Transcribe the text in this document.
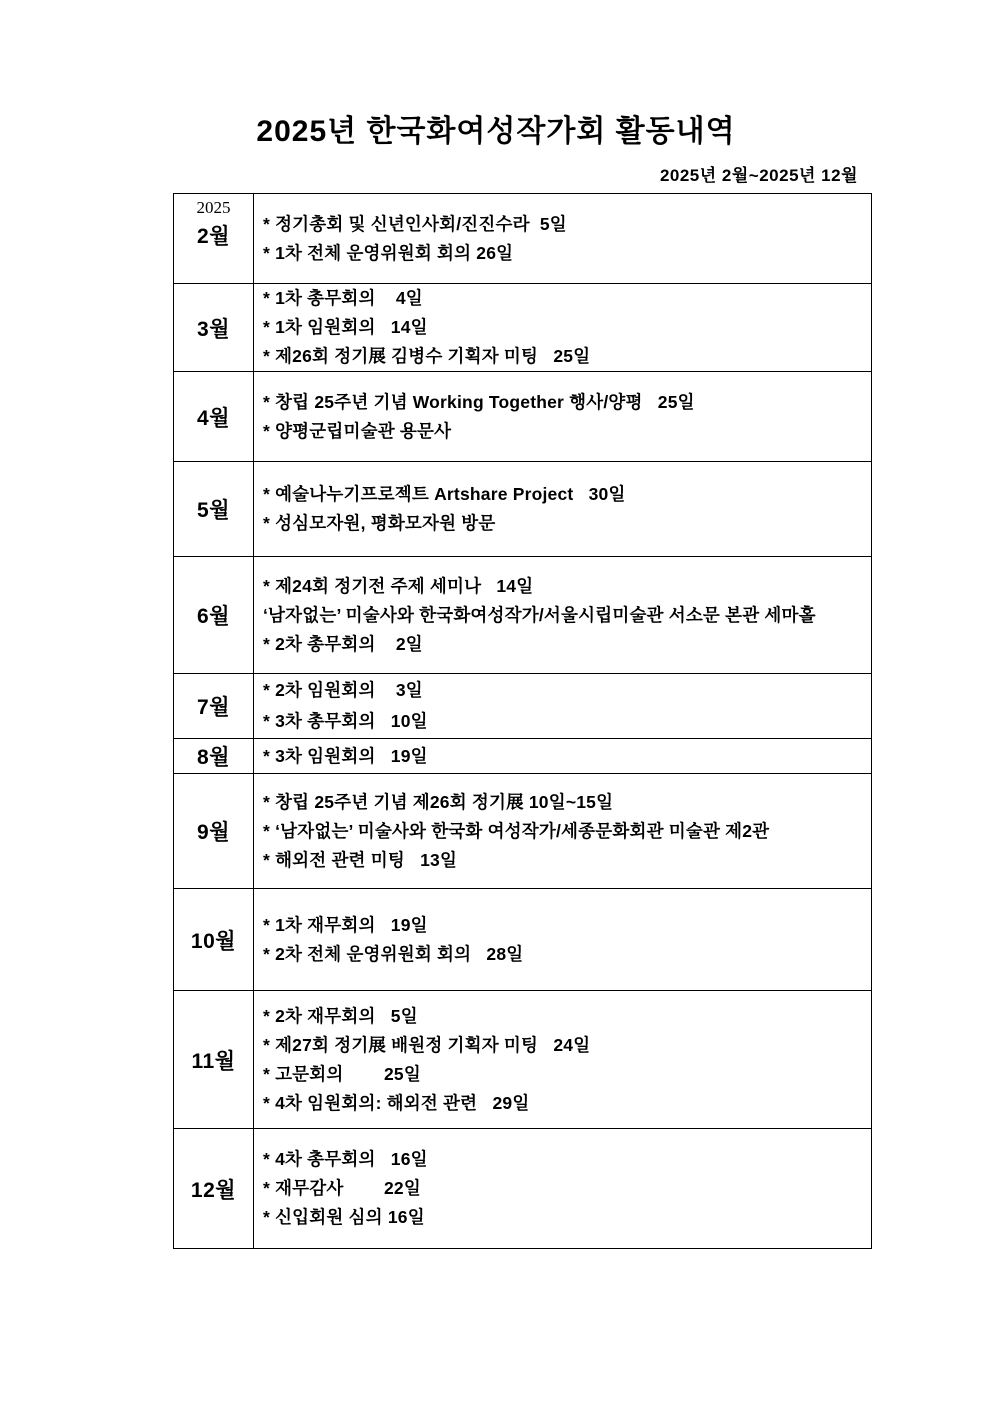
2025년 한국화여성작가회 활동내역
2025년 2월~2025년 12월
2025
2월
* 정기총회 및 신년인사회/진진수라  5일
* 1차 전체 운영위원회 회의 26일
3월
* 1차 총무회의    4일
* 1차 임원회의   14일
* 제26회 정기展 김병수 기획자 미팅   25일
4월
* 창립 25주년 기념 Working Together 행사/양평   25일
* 양평군립미술관 용문사
5월
* 예술나누기프로젝트 Artshare Project   30일
* 성심모자원, 평화모자원 방문
6월
* 제24회 정기전 주제 세미나   14일
‘남자없는’ 미술사와 한국화여성작가/서울시립미술관 서소문 본관 세마홀
* 2차 총무회의    2일
7월
* 2차 임원회의    3일
* 3차 총무회의   10일
8월 * 3차 임원회의   19일
9월
* 창립 25주년 기념 제26회 정기展 10일~15일
* ‘남자없는’ 미술사와 한국화 여성작가/세종문화회관 미술관 제2관
* 해외전 관련 미팅   13일
10월
* 1차 재무회의   19일
* 2차 전체 운영위원회 회의   28일
11월
* 2차 재무회의   5일
* 제27회 정기展 배원정 기획자 미팅   24일
* 고문회의        25일
* 4차 임원회의: 해외전 관련   29일
12월
* 4차 총무회의   16일
* 재무감사        22일
* 신입회원 심의 16일
